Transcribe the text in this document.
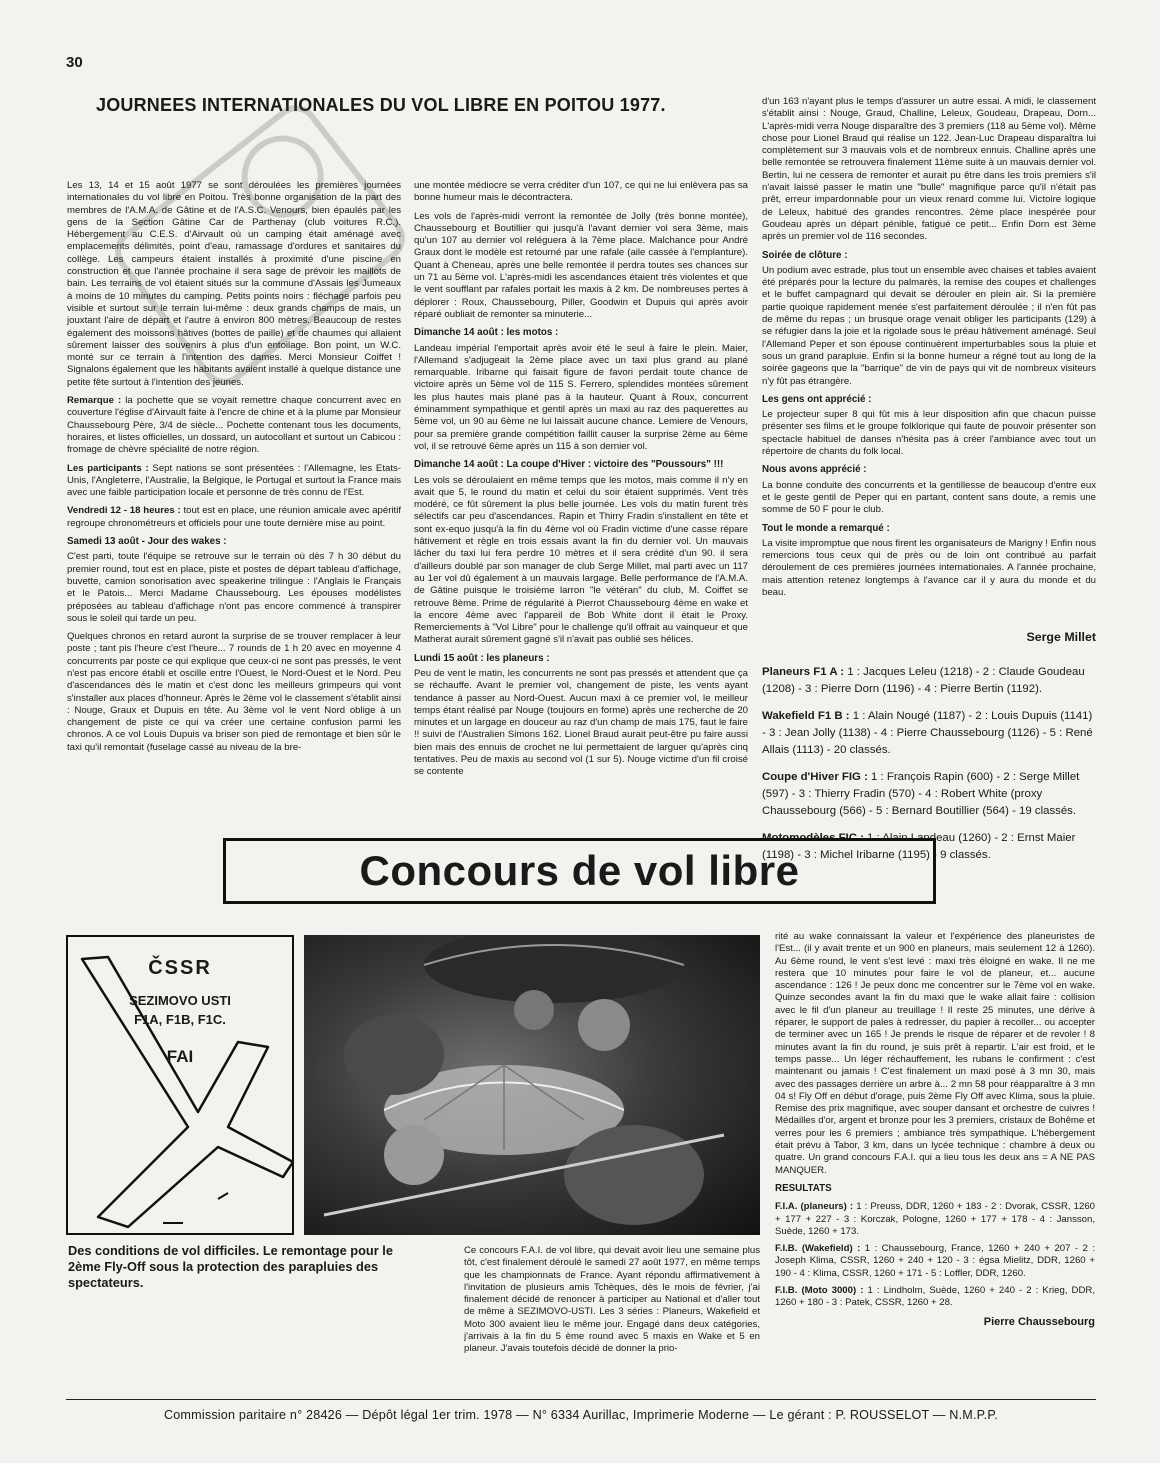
30
JOURNEES INTERNATIONALES DU VOL LIBRE EN POITOU 1977.

Les 13, 14 et 15 août 1977 se sont déroulées les premières journées internationales du vol libre en Poitou. Très bonne organisation de la part des membres de l'A.M.A. de Gâtine et de l'A.S.C. Venours, bien épaulés par les gens de la Section Gâtine Car de Parthenay (club voitures R.C.). Hébergement au C.E.S. d'Airvault où un camping était aménagé avec emplacements délimités, point d'eau, ramassage d'ordures et sanitaires du collège. Les campeurs étaient installés à proximité d'une piscine en construction et que l'année prochaine il sera sage de prévoir les maillots de bain. Les terrains de vol étaient situés sur la commune d'Assais les Jumeaux à moins de 10 minutes du camping. Petits points noirs : fléchage parfois peu visible et surtout sur le terrain lui-même : deux grands champs de mais, un jouxtant l'aire de départ et l'autre à environ 800 mètres. Beaucoup de restes également des moissons hâtives (bottes de paille) et de chaumes qui allaient sûrement laisser des souvenirs à plus d'un entoilage. Bon point, un W.C. monté sur ce terrain à l'intention des dames. Merci Monsieur Coiffet ! Signalons également que les habitants avaient installé à quelque distance une petite fête surtout à l'intention des jeunes.

Remarque : la pochette que se voyait remettre chaque concurrent avec en couverture l'église d'Airvault faite à l'encre de chine et à la plume par Monsieur Chaussebourg Père, 3/4 de siècle... Pochette contenant tous les documents, horaires, et listes officielles, un dossard, un autocollant et surtout un Cabicou : fromage de chèvre spécialité de notre région.

Les participants : Sept nations se sont présentées : l'Allemagne, les Etats-Unis, l'Angleterre, l'Australie, la Belgique, le Portugal et surtout la France mais avec une faible participation locale et personne de très connu de l'Est.

Vendredi 12 - 18 heures : tout est en place, une réunion amicale avec apéritif regroupe chronométreurs et officiels pour une toute dernière mise au point.

Samedi 13 août - Jour des wakes :

C'est parti, toute l'équipe se retrouve sur le terrain où dès 7 h 30 début du premier round, tout est en place, piste et postes de départ tableau d'affichage, buvette, camion sonorisation avec speakerine trilingue : l'Anglais le Français et le Patois... Merci Madame Chaussebourg. Les épouses modélistes préposées au tableau d'affichage n'ont pas encore commencé à transpirer sous le soleil qui tarde un peu.

Quelques chronos en retard auront la surprise de se trouver remplacer à leur poste ; tant pis l'heure c'est l'heure... 7 rounds de 1 h 20 avec en moyenne 4 concurrents par poste ce qui explique que ceux-ci ne sont pas pressés, le vent n'est pas encore établi et oscille entre l'Ouest, le Nord-Ouest et le Nord. Peu d'ascendances dès le matin et c'est donc les meilleurs grimpeurs qui vont s'installer aux places d'honneur. Après le 2ème vol le classement s'établit ainsi : Nouge, Graux et Dupuis en tête. Au 3ème vol le vent Nord oblige à un changement de piste ce qui va créer une certaine confusion parmi les chronos. A ce vol Louis Dupuis va briser son pied de remontage et bien sûr le taxi qu'il remontait (fuselage cassé au niveau de la bre-

une montée médiocre se verra créditer d'un 107, ce qui ne lui enlèvera pas sa bonne humeur mais le décontractera.

Les vols de l'après-midi verront la remontée de Jolly (très bonne montée), Chaussebourg et Boutillier qui jusqu'à l'avant dernier vol sera 3ème, mais qu'un 107 au dernier vol reléguera à la 7ème place. Malchance pour André Graux dont le modèle est retourné par une rafale (aile cassée à l'emplanture). Quant à Cheneau, après une belle remontée il perdra toutes ses chances sur un 71 au 5ème vol. L'après-midi les ascendances étaient très violentes et que le vent soufflant par rafales portait les maxis à 2 km. De nombreuses pertes à déplorer : Roux, Chaussebourg, Piller, Goodwin et Dupuis qui après avoir réparé oubliait de remonter sa minuterie...

Dimanche 14 août : les motos :

Landeau impérial l'emportait après avoir été le seul à faire le plein. Maier, l'Allemand s'adjugeait la 2ème place avec un taxi plus grand au plané remarquable. Iribarne qui faisait figure de favori perdait toute chance de victoire après un 5ème vol de 115 S. Ferrero, splendides montées sûrement les plus hautes mais plané pas à la hauteur. Quant à Roux, concurrent éminamment sympathique et gentil après un maxi au raz des paquerettes au 5ème vol, un 90 au 6ème ne lui laissait aucune chance. Lemiere de Venours, pour sa première grande compétition faillit causer la surprise 2ème au 6ème vol, il se retrouvé 6ème après un 115 à son dernier vol.

Dimanche 14 août : La coupe d'Hiver : victoire des "Poussours" !!!

Les vols se déroulaient en même temps que les motos, mais comme il n'y en avait que 5, le round du matin et celui du soir étaient supprimés. Vent très modéré, ce fût sûrement la plus belle journée. Les vols du matin furent très sélectifs car peu d'ascendances. Rapin et Thirry Fradin s'installent en tête et sont ex-equo jusqu'à la fin du 4ème vol où Fradin victime d'une casse répare hâtivement et règle en trois essais avant la fin du dernier vol. Un mauvais lâcher du taxi lui fera perdre 10 mètres et il sera crédité d'un 90. il sera d'ailleurs doublé par son manager de club Serge Millet, mal parti avec un 117 au 1er vol dû également à un mauvais largage. Belle performance de l'A.M.A. de Gâtine puisque le troisième larron "le vétéran" du club, M. Coiffet se retrouve 8ème. Prime de régularité à Pierrot Chaussebourg 4ème en wake et la encore 4ème avec l'appareil de Bob White dont il était le Proxy. Remerciements à "Vol Libre" pour le challenge qu'il offrait au vainqueur et que Matherat aurait sûrement gagné s'il n'avait pas oublié ses hélices.

Lundi 15 août : les planeurs :

Peu de vent le matin, les concurrents ne sont pas pressés et attendent que ça se réchauffe. Avant le premier vol, changement de piste, les vents ayant tendance à passer au Nord-Ouest. Aucun maxi à ce premier vol, le meilleur temps étant réalisé par Nouge (toujours en forme) après une recherche de 20 minutes et un largage en douceur au raz d'un champ de mais 175, faut le faire !! suivi de l'Australien Simons 162. Lionel Braud aurait peut-être pu faire aussi bien mais des ennuis de crochet ne lui permettaient de larguer qu'après cinq tentatives. Peu de maxis au second vol (1 sur 5). Nouge victime d'un fil croisé se contente

d'un 163 n'ayant plus le temps d'assurer un autre essai. A midi, le classement s'établit ainsi : Nouge, Graud, Challine, Leleux, Goudeau, Drapeau, Dorn... L'après-midi verra Nouge disparaître des 3 premiers (118 au 5ème vol). Même chose pour Lionel Braud qui réalise un 122. Jean-Luc Drapeau disparaîtra lui complètement sur 3 mauvais vols et de nombreux ennuis. Challine après une belle remontée se retrouvera finalement 11ème suite à un mauvais dernier vol. Bertin, lui ne cessera de remonter et aurait pu être dans les trois premiers s'il n'avait laissé passer le matin une "bulle" magnifique parce qu'il n'était pas prêt, erreur impardonnable pour un vieux renard comme lui. Victoire logique de Leleux, habitué des grandes rencontres. 2ème place inespérée pour Goudeau après un départ pénible, fatigué ce petit... Enfin Dorn est 3ème après un premier vol de 116 secondes.

Soirée de clôture :

Un podium avec estrade, plus tout un ensemble avec chaises et tables avaient été préparés pour la lecture du palmarès, la remise des coupes et challenges et le buffet campagnard qui devait se dérouler en plein air. Si la première partie quoique rapidement menée s'est parfaitement déroulée ; il n'en fût pas de même du repas ; un brusque orage venait obliger les participants (129) à se réfugier dans la joie et la rigolade sous le préau hâtivement aménagé. Seul l'Allemand Peper et son épouse continuèrent imperturbables sous la pluie et sous un grand parapluie. Enfin si la bonne humeur a régné tout au long de la soirée gageons que la "barrique" de vin de pays qui vit de nombreux visiteurs n'y fût pas étrangère.

Les gens ont apprécié :

Le projecteur super 8 qui fût mis à leur disposition afin que chacun puisse présenter ses films et le groupe folklorique qui faute de pouvoir présenter son spectacle habituel de danses n'hésita pas à créer l'ambiance avec tout un répertoire de chants du folk local.

Nous avons apprécié :

La bonne conduite des concurrents et la gentillesse de beaucoup d'entre eux et le geste gentil de Peper qui en partant, content sans doute, a remis une somme de 50 F pour le club.

Tout le monde a remarqué :

La visite impromptue que nous firent les organisateurs de Marigny ! Enfin nous remercions tous ceux qui de près ou de loin ont contribué au parfait déroulement de ces premières journées internationales. A l'année prochaine, mais attention retenez longtemps à l'avance car il y aura du monde et du beau.

Serge Millet

Planeurs F1 A : 1 : Jacques Leleu (1218) - 2 : Claude Goudeau (1208) - 3 : Pierre Dorn (1196) - 4 : Pierre Bertin (1192).

Wakefield F1 B : 1 : Alain Nougé (1187) - 2 : Louis Dupuis (1141) - 3 : Jean Jolly (1138) - 4 : Pierre Chaussebourg (1126) - 5 : René Allais (1113) - 20 classés.

Coupe d'Hiver FIG : 1 : François Rapin (600) - 2 : Serge Millet (597) - 3 : Thierry Fradin (570) - 4 : Robert White (proxy Chaussebourg (566) - 5 : Bernard Boutillier (564) - 19 classés.

Motomodèles FIC : 1 : Alain Landeau (1260) - 2 : Ernst Maier (1198) - 3 : Michel Iribarne (1195) - 9 classés.

Concours de vol libre
ČSSR
SEZIMOVO USTI
F1A, F1B, F1C.
FAI
Des conditions de vol difficiles. Le remontage pour le 2ème Fly-Off sous la protection des parapluies des spectateurs.

Ce concours F.A.I. de vol libre, qui devait avoir lieu une semaine plus tôt, c'est finalement déroulé le samedi 27 août 1977, en même temps que les championnats de France. Ayant répondu affirmativement à l'invitation de plusieurs amis Tchèques, dès le mois de février, j'ai finalement décidé de renoncer à participer au National et d'aller tout de même à SEZIMOVO-USTI. Les 3 séries : Planeurs, Wakefield et Moto 300 avaient lieu le même jour. Engagé dans deux catégories, j'arrivais à la fin du 5 ème round avec 5 maxis en Wake et 5 en planeur. J'avais toutefois décidé de donner la prio-

rité au wake connaissant la valeur et l'expérience des planeuristes de l'Est... (il y avait trente et un 900 en planeurs, mais seulement 12 à 1260). Au 6ème round, le vent s'est levé : maxi très éloigné en wake. Il ne me restera que 10 minutes pour faire le vol de planeur, et... aucune ascendance : 126 ! Je peux donc me concentrer sur le 7ème vol en wake. Quinze secondes avant la fin du maxi que le wake allait faire : collision avec le fil d'un planeur au treuillage ! Il reste 25 minutes, une dérive à réparer, le support de pales à redresser, du papier à recoller... ou accepter de terminer avec un 165 ! Je prends le risque de réparer et de revoler ! 8 minutes avant la fin du round, je suis prêt à repartir. L'air est froid, et le temps passe... Un léger réchauffement, les rubans le confirment : c'est maintenant ou jamais ! C'est finalement un maxi posé à 3 mn 30, mais avec des passages derrière un arbre à... 2 mn 58 pour réapparaître à 3 mn 04 s! Fly Off en début d'orage, puis 2ème Fly Off avec Klima, sous la pluie. Remise des prix magnifique, avec souper dansant et orchestre de cuivres ! Médailles d'or, argent et bronze pour les 3 premiers, cristaux de Bohême et verres pour les 6 premiers ; ambiance très sympathique. L'hébergement était prévu à Tabor, 3 km, dans un lycée technique : chambre à deux ou quatre. Un grand concours F.A.I. qui a lieu tous les deux ans = A NE PAS MANQUER.

RESULTATS

F.I.A. (planeurs) : 1 : Preuss, DDR, 1260 + 183 - 2 : Dvorak, CSSR, 1260 + 177 + 227 - 3 : Korczak, Pologne, 1260 + 177 + 178 - 4 : Jansson, Suède, 1260 + 173.

F.I.B. (Wakefield) : 1 : Chaussebourg, France, 1260 + 240 + 207 - 2 : Joseph Klima, CSSR, 1260 + 240 + 120 - 3 : égsa Mielitz, DDR, 1260 + 190 - 4 : Klima, CSSR, 1260 + 171 - 5 : Loffler, DDR, 1260.

F.I.B. (Moto 3000) : 1 : Lindholm, Suède, 1260 + 240 - 2 : Krieg, DDR, 1260 + 180 - 3 : Patek, CSSR, 1260 + 28.

Pierre Chaussebourg
Commission paritaire n° 28426 — Dépôt légal 1er trim. 1978 — N° 6334 Aurillac, Imprimerie Moderne — Le gérant : P. ROUSSELOT — N.M.P.P.
